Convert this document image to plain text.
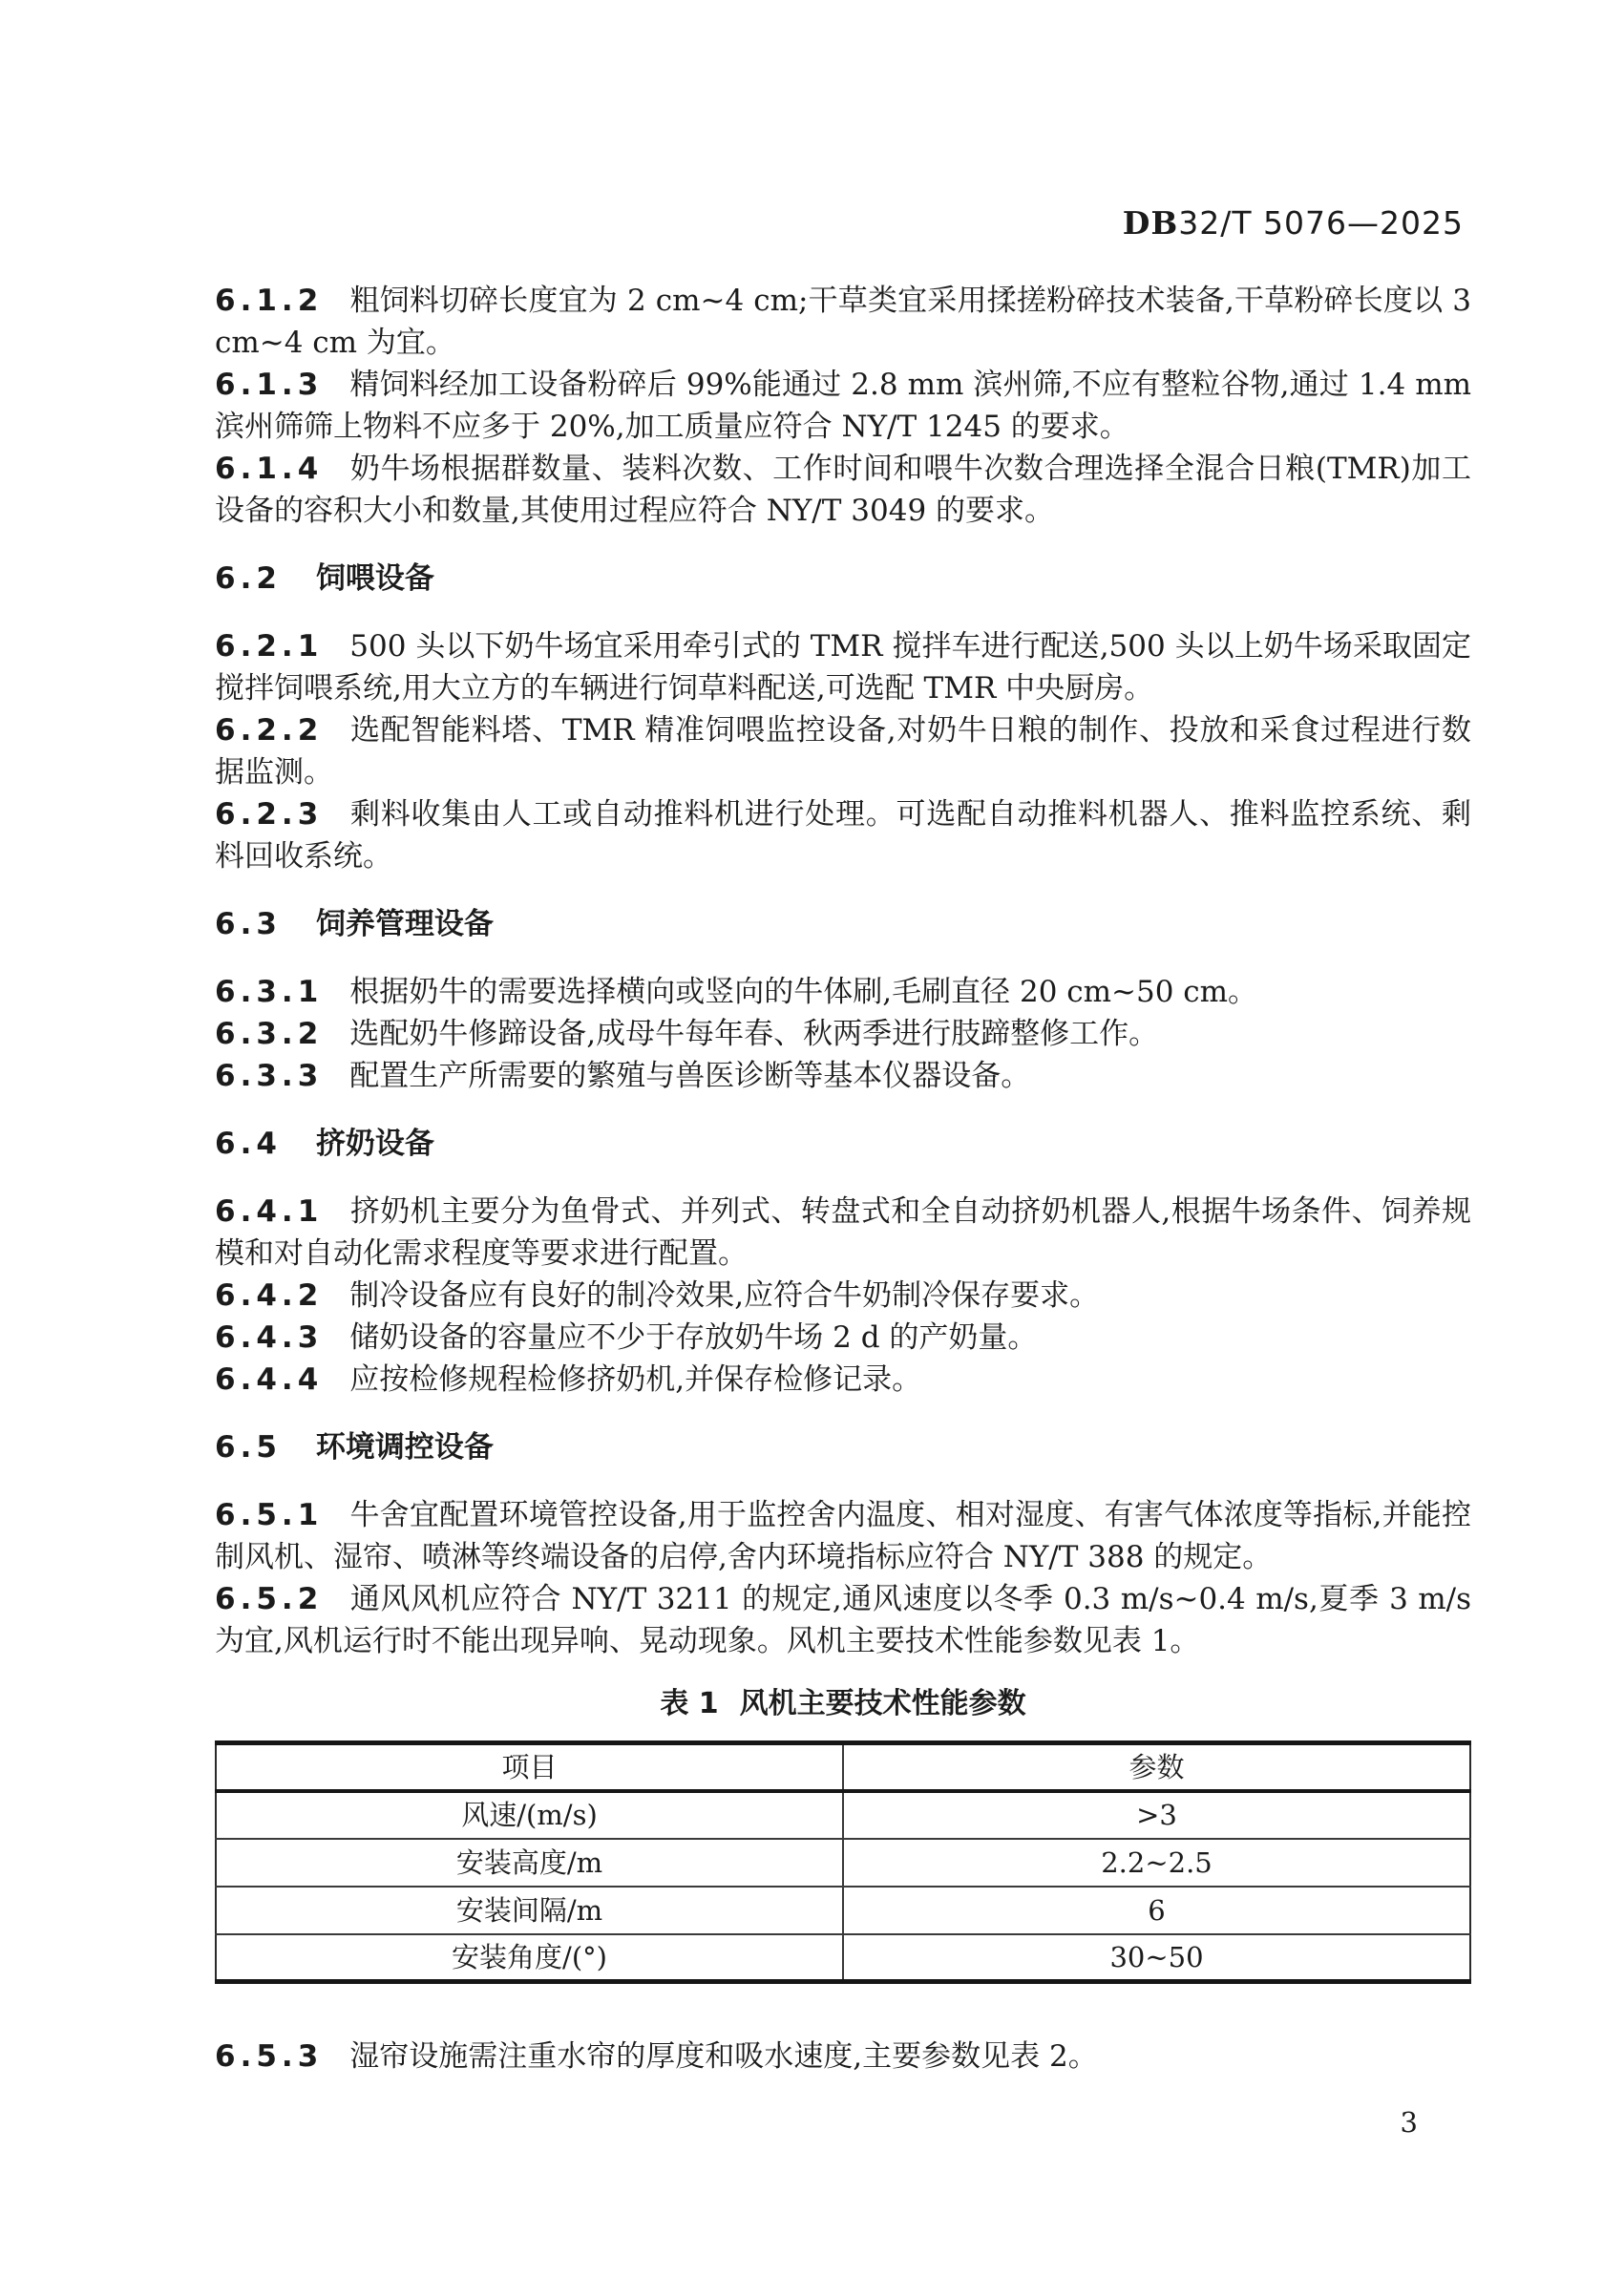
DB32/T 5076—2025

6.1.2 粗饲料切碎长度宜为 2 cm~4 cm;干草类宜采用揉搓粉碎技术装备,干草粉碎长度以 3 cm~4 cm 为宜。

6.1.3 精饲料经加工设备粉碎后 99%能通过 2.8 mm 滨州筛,不应有整粒谷物,通过 1.4 mm 滨州筛筛上物料不应多于 20%,加工质量应符合 NY/T 1245 的要求。

6.1.4 奶牛场根据群数量、装料次数、工作时间和喂牛次数合理选择全混合日粮(TMR)加工设备的容积大小和数量,其使用过程应符合 NY/T 3049 的要求。

6.2 饲喂设备

6.2.1 500 头以下奶牛场宜采用牵引式的 TMR 搅拌车进行配送,500 头以上奶牛场采取固定搅拌饲喂系统,用大立方的车辆进行饲草料配送,可选配 TMR 中央厨房。

6.2.2 选配智能料塔、TMR 精准饲喂监控设备,对奶牛日粮的制作、投放和采食过程进行数据监测。

6.2.3 剩料收集由人工或自动推料机进行处理。可选配自动推料机器人、推料监控系统、剩料回收系统。

6.3 饲养管理设备

6.3.1 根据奶牛的需要选择横向或竖向的牛体刷,毛刷直径 20 cm~50 cm。

6.3.2 选配奶牛修蹄设备,成母牛每年春、秋两季进行肢蹄整修工作。

6.3.3 配置生产所需要的繁殖与兽医诊断等基本仪器设备。

6.4 挤奶设备

6.4.1 挤奶机主要分为鱼骨式、并列式、转盘式和全自动挤奶机器人,根据牛场条件、饲养规模和对自动化需求程度等要求进行配置。

6.4.2 制冷设备应有良好的制冷效果,应符合牛奶制冷保存要求。

6.4.3 储奶设备的容量应不少于存放奶牛场 2 d 的产奶量。

6.4.4 应按检修规程检修挤奶机,并保存检修记录。

6.5 环境调控设备

6.5.1 牛舍宜配置环境管控设备,用于监控舍内温度、相对湿度、有害气体浓度等指标,并能控制风机、湿帘、喷淋等终端设备的启停,舍内环境指标应符合 NY/T 388 的规定。

6.5.2 通风风机应符合 NY/T 3211 的规定,通风速度以冬季 0.3 m/s~0.4 m/s,夏季 3 m/s 为宜,风机运行时不能出现异响、晃动现象。风机主要技术性能参数见表 1。

表 1 风机主要技术性能参数
项目	参数
风速/(m/s)	>3
安装高度/m	2.2~2.5
安装间隔/m	6
安装角度/(°)	30~50

6.5.3 湿帘设施需注重水帘的厚度和吸水速度,主要参数见表 2。

3
